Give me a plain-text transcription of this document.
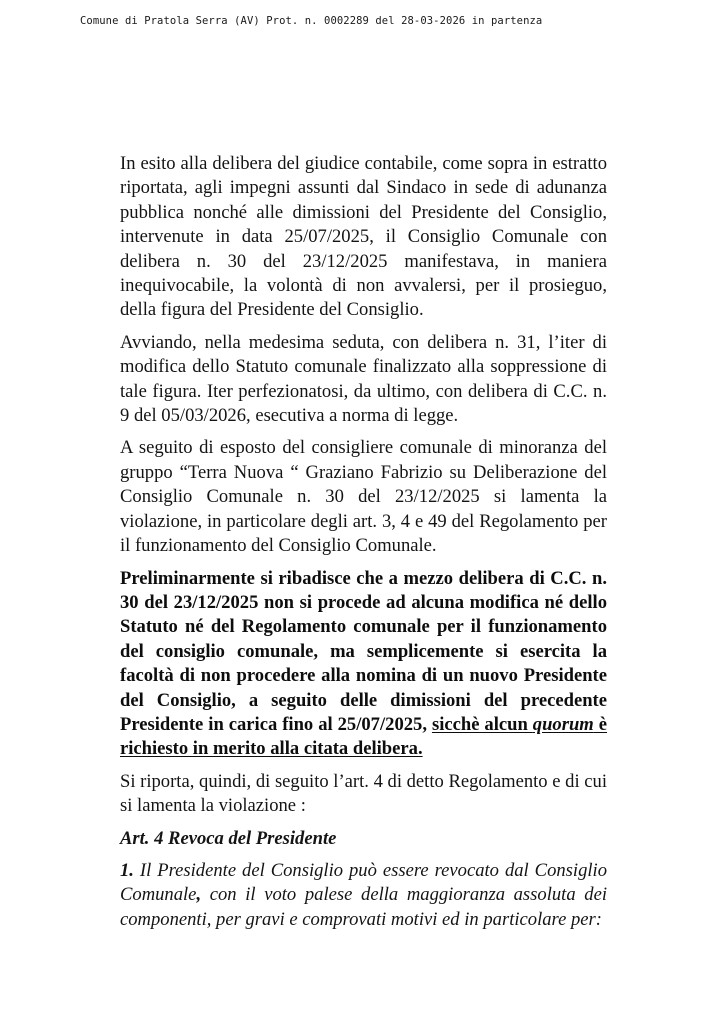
Comune di Pratola Serra (AV) Prot. n. 0002289 del 28-03-2026 in partenza

In esito alla delibera del giudice contabile, come sopra in estratto riportata, agli impegni assunti dal Sindaco in sede di adunanza pubblica nonché alle dimissioni del Presidente del Consiglio, intervenute in data 25/07/2025, il Consiglio Comunale con delibera n. 30 del 23/12/2025 manifestava, in maniera inequivocabile, la volontà di non avvalersi, per il prosieguo, della figura del Presidente del Consiglio.

Avviando, nella medesima seduta, con delibera n. 31, l’iter di modifica dello Statuto comunale finalizzato alla soppressione di tale figura. Iter perfezionatosi, da ultimo, con delibera di C.C. n. 9 del 05/03/2026, esecutiva a norma di legge.

A seguito di esposto del consigliere comunale di minoranza del gruppo “Terra Nuova “ Graziano Fabrizio su Deliberazione del Consiglio Comunale n. 30 del 23/12/2025 si lamenta la violazione, in particolare degli art. 3, 4 e 49 del Regolamento per il funzionamento del Consiglio Comunale.

Preliminarmente si ribadisce che a mezzo delibera di C.C. n. 30 del 23/12/2025 non si procede ad alcuna modifica né dello Statuto né del Regolamento comunale per il funzionamento del consiglio comunale, ma semplicemente si esercita la facoltà di non procedere alla nomina di un nuovo Presidente del Consiglio, a seguito delle dimissioni del precedente Presidente in carica fino al 25/07/2025, sicchè alcun quorum è richiesto in merito alla citata delibera.

Si riporta, quindi, di seguito l’art. 4 di detto Regolamento e di cui si lamenta la violazione :

Art. 4 Revoca del Presidente

1. Il Presidente del Consiglio può essere revocato dal Consiglio Comunale, con il voto palese della maggioranza assoluta dei componenti, per gravi e comprovati motivi ed in particolare per:
